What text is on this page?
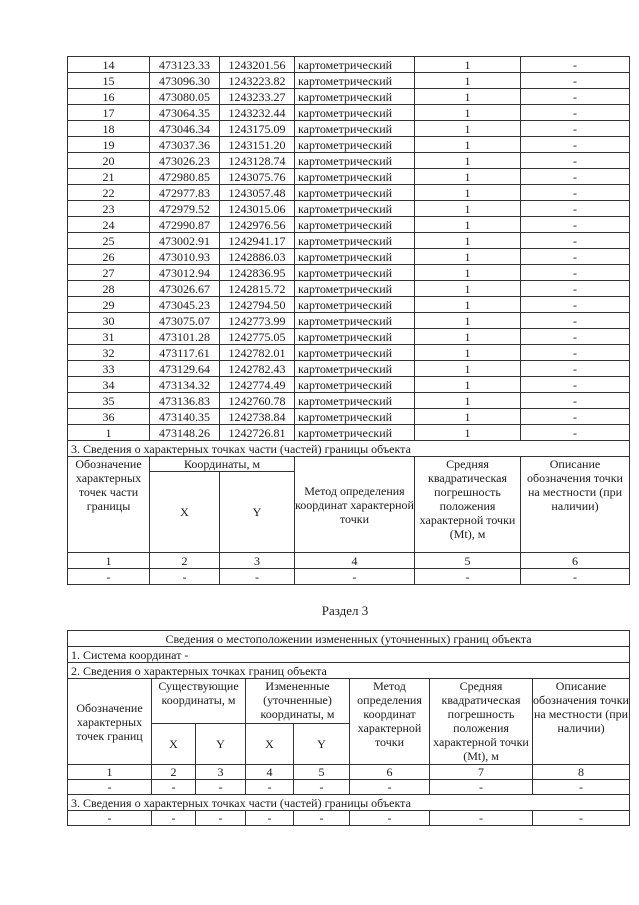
14	473123.33	1243201.56	картометрический	1	-
15	473096.30	1243223.82	картометрический	1	-
16	473080.05	1243233.27	картометрический	1	-
17	473064.35	1243232.44	картометрический	1	-
18	473046.34	1243175.09	картометрический	1	-
19	473037.36	1243151.20	картометрический	1	-
20	473026.23	1243128.74	картометрический	1	-
21	472980.85	1243075.76	картометрический	1	-
22	472977.83	1243057.48	картометрический	1	-
23	472979.52	1243015.06	картометрический	1	-
24	472990.87	1242976.56	картометрический	1	-
25	473002.91	1242941.17	картометрический	1	-
26	473010.93	1242886.03	картометрический	1	-
27	473012.94	1242836.95	картометрический	1	-
28	473026.67	1242815.72	картометрический	1	-
29	473045.23	1242794.50	картометрический	1	-
30	473075.07	1242773.99	картометрический	1	-
31	473101.28	1242775.05	картометрический	1	-
32	473117.61	1242782.01	картометрический	1	-
33	473129.64	1242782.43	картометрический	1	-
34	473134.32	1242774.49	картометрический	1	-
35	473136.83	1242760.78	картометрический	1	-
36	473140.35	1242738.84	картометрический	1	-
1	473148.26	1242726.81	картометрический	1	-
3. Сведения о характерных точках части (частей) границы объекта					
Обозначение характерных точек части границы	Координаты, м		Метод определения координат характерной точки	Средняя квадратическая погрешность положения характерной точки (Mt), м	Описание обозначения точки на местности (при наличии)
	X	Y			
1	2	3	4	5	6
-	-	-	-	-	-
Раздел 3
Сведения о местоположении измененных (уточненных) границ объекта							
1. Система координат -							
2. Сведения о характерных точках границ объекта							
Обозначение характерных точек границ	Существующие координаты, м		Измененные (уточненные) координаты, м		Метод определения координат характерной точки	Средняя квадратическая погрешность положения характерной точки (Mt), м	Описание обозначения точки на местности (при наличии)
	X	Y	X	Y			
1	2	3	4	5	6	7	8
-	-	-	-	-	-	-	-
3. Сведения о характерных точках части (частей) границы объекта							
-	-	-	-	-	-	-	-
